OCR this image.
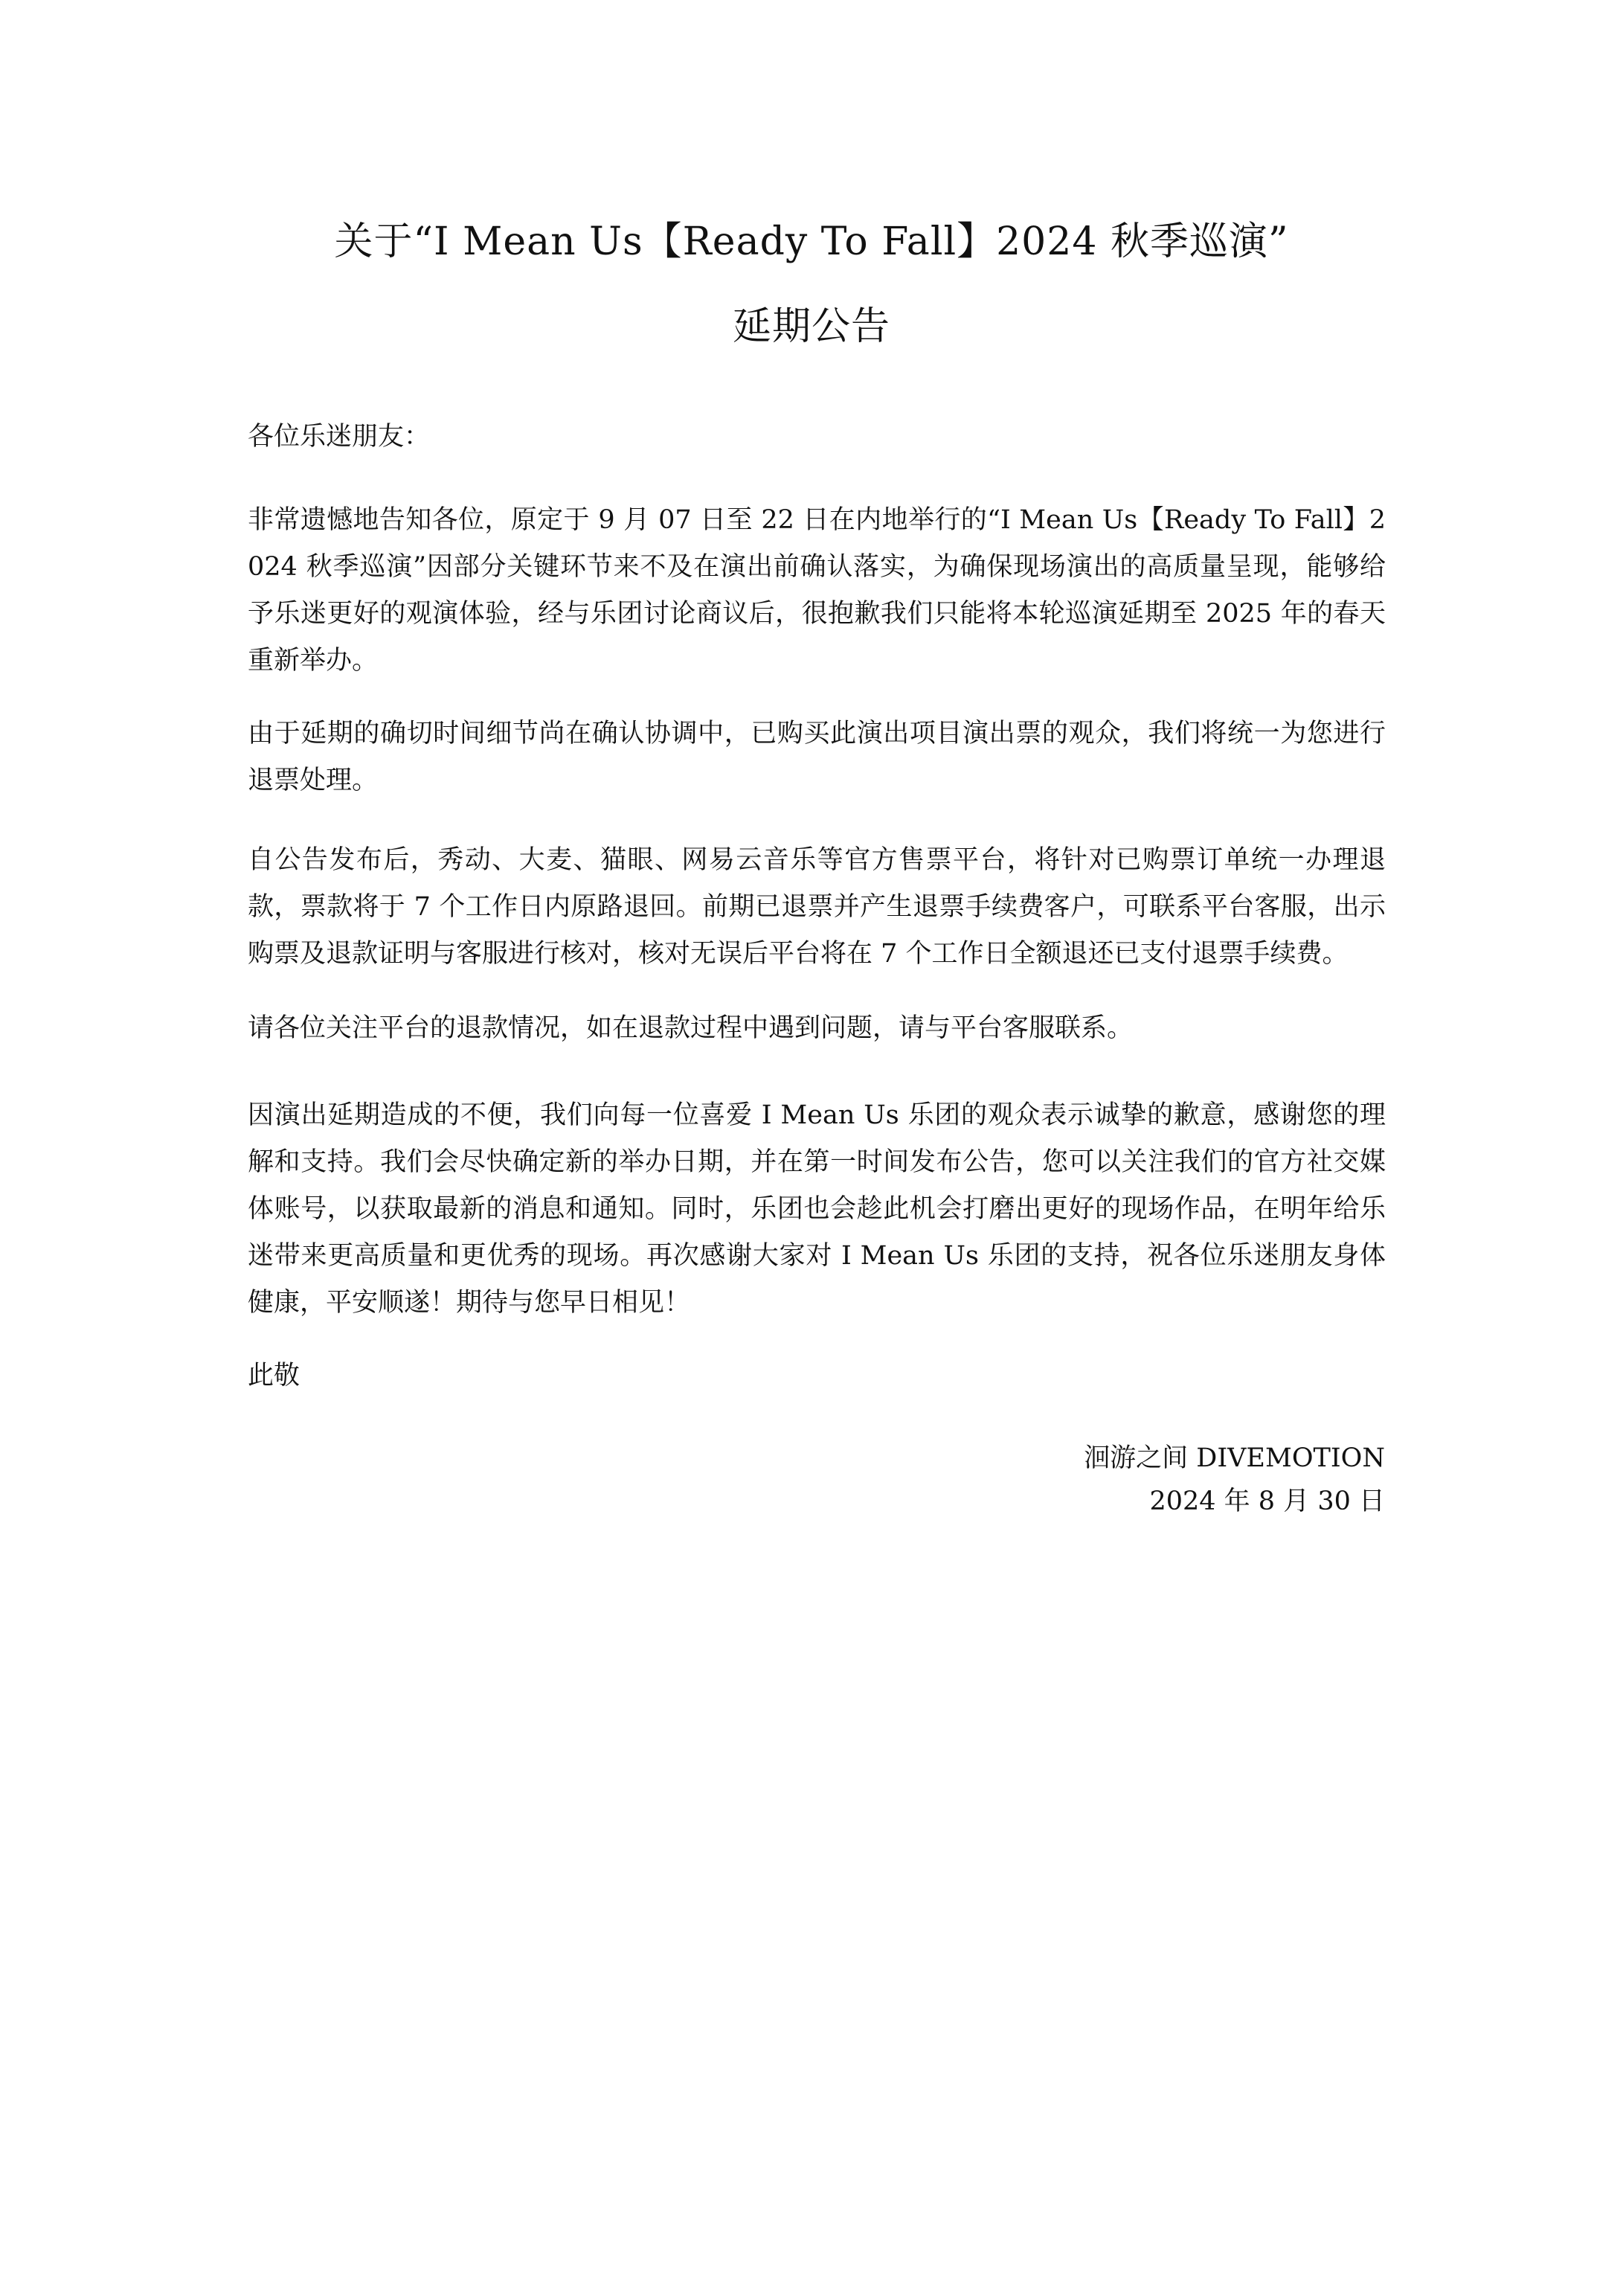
关于“I Mean Us【Ready To Fall】2024 秋季巡演”
延期公告
各位乐迷朋友：
非常遗憾地告知各位，原定于 9 月 07 日至 22 日在内地举行的“I Mean Us【Ready To Fall】2024 秋季巡演”因部分关键环节来不及在演出前确认落实，为确保现场演出的高质量呈现，能够给予乐迷更好的观演体验，经与乐团讨论商议后，很抱歉我们只能将本轮巡演延期至 2025 年的春天重新举办。
由于延期的确切时间细节尚在确认协调中，已购买此演出项目演出票的观众，我们将统一为您进行退票处理。
自公告发布后，秀动、大麦、猫眼、网易云音乐等官方售票平台，将针对已购票订单统一办理退款，票款将于 7 个工作日内原路退回。前期已退票并产生退票手续费客户，可联系平台客服，出示购票及退款证明与客服进行核对，核对无误后平台将在 7 个工作日全额退还已支付退票手续费。
请各位关注平台的退款情况，如在退款过程中遇到问题，请与平台客服联系。
因演出延期造成的不便，我们向每一位喜爱 I Mean Us 乐团的观众表示诚挚的歉意，感谢您的理解和支持。我们会尽快确定新的举办日期，并在第一时间发布公告，您可以关注我们的官方社交媒体账号，以获取最新的消息和通知。同时，乐团也会趁此机会打磨出更好的现场作品，在明年给乐迷带来更高质量和更优秀的现场。再次感谢大家对 I Mean Us 乐团的支持，祝各位乐迷朋友身体健康，平安顺遂！期待与您早日相见！
此敬
洄游之间 DIVEMOTION
2024 年 8 月 30 日
